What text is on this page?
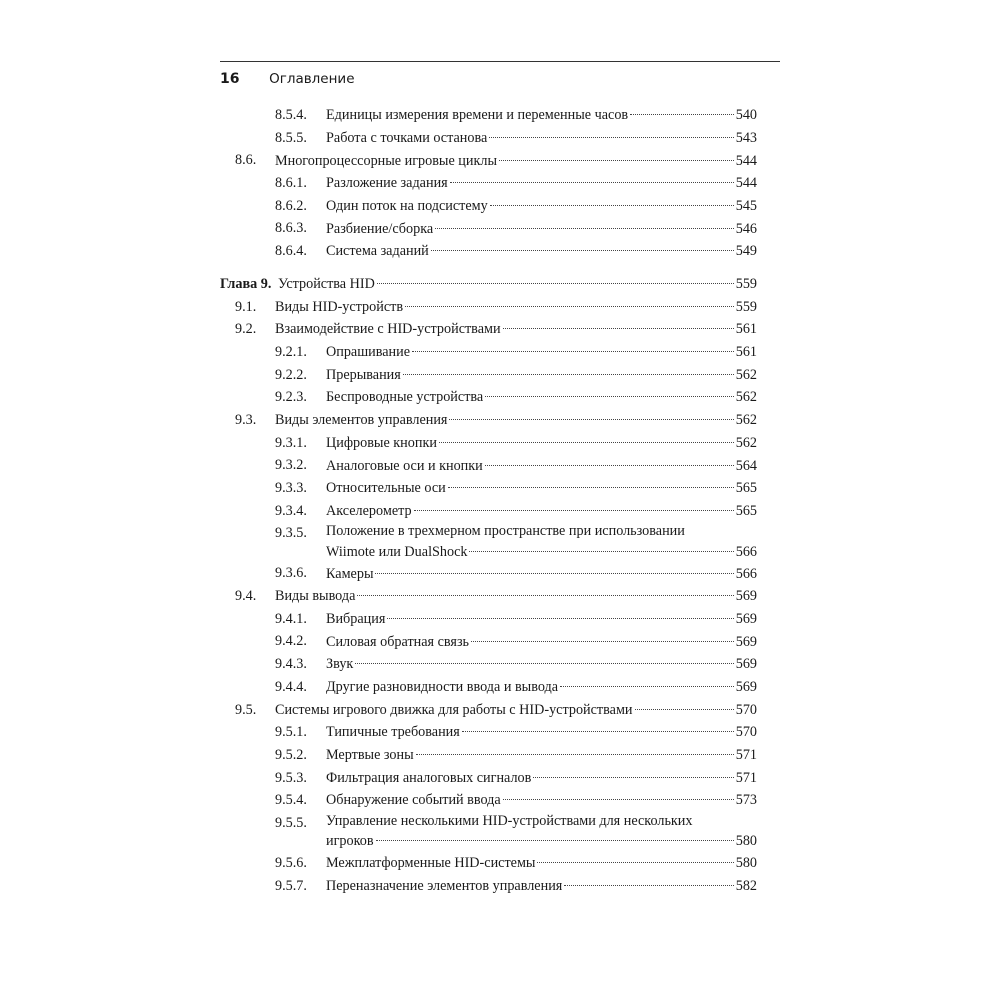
16 Оглавление
8.5.4. Единицы измерения времени и переменные часов	540
8.5.5. Работа с точками останова	543
8.6. Многопроцессорные игровые циклы	544
8.6.1. Разложение задания	544
8.6.2. Один поток на подсистему	545
8.6.3. Разбиение/сборка	546
8.6.4. Система заданий	549
Глава 9. Устройства HID	559
9.1. Виды HID-устройств	559
9.2. Взаимодействие с HID-устройствами	561
9.2.1. Опрашивание	561
9.2.2. Прерывания	562
9.2.3. Беспроводные устройства	562
9.3. Виды элементов управления	562
9.3.1. Цифровые кнопки	562
9.3.2. Аналоговые оси и кнопки	564
9.3.3. Относительные оси	565
9.3.4. Акселерометр	565
9.3.5. Положение в трехмерном пространстве при использовании
Wiimote или DualShock	566
9.3.6. Камеры	566
9.4. Виды вывода	569
9.4.1. Вибрация	569
9.4.2. Силовая обратная связь	569
9.4.3. Звук	569
9.4.4. Другие разновидности ввода и вывода	569
9.5. Системы игрового движка для работы с HID-устройствами	570
9.5.1. Типичные требования	570
9.5.2. Мертвые зоны	571
9.5.3. Фильтрация аналоговых сигналов	571
9.5.4. Обнаружение событий ввода	573
9.5.5. Управление несколькими HID-устройствами для нескольких
игроков	580
9.5.6. Межплатформенные HID-системы	580
9.5.7. Переназначение элементов управления	582
